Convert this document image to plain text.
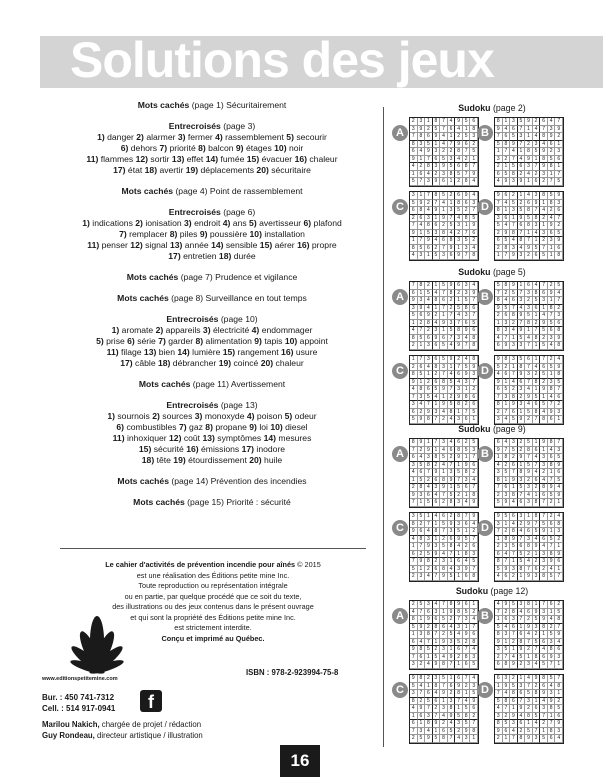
Solutions des jeux
Mots cachés (page 1) Sécuritairement
Entrecroisés (page 3)
1) danger 2) alarmer 3) fermer 4) rassemblement 5) secourir
6) dehors 7) priorité 8) balcon 9) étages 10) noir
11) flammes 12) sortir 13) effet 14) fumée 15) évacuer 16) chaleur
17) état 18) avertir 19) déplacements 20) sécuritaire
Mots cachés (page 4) Point de rassemblement
Entrecroisés (page 6)
1) indications 2) ionisation 3) endroit 4) ans 5) avertisseur 6) plafond
7) remplacer 8) piles 9) poussière 10) installation
11) penser 12) signal 13) année 14) sensible 15) aérer 16) propre
17) entretien 18) durée
Mots cachés (page 7) Prudence et vigilance
Mots cachés (page 8) Surveillance en tout temps
Entrecroisés (page 10)
1) aromate 2) appareils 3) électricité 4) endommager
5) prise 6) série 7) garder 8) alimentation 9) tapis 10) appoint
11) filage 13) bien 14) lumière 15) rangement 16) usure
17) câble 18) débrancher 19) coincé 20) chaleur
Mots cachés (page 11) Avertissement
Entrecroisés (page 13)
1) sournois 2) sources 3) monoxyde 4) poison 5) odeur
6) combustibles 7) gaz 8) propane 9) loi 10) diesel
11) inhoxiquer 12) coût 13) symptômes 14) mesures
15) sécurité 16) émissions 17) inodore
18) tête 19) étourdissement 20) huile
Mots cachés (page 14) Prévention des incendies
Mots cachés (page 15) Priorité : sécurité
Le cahier d'activités de prévention incendie pour aînés © 2015
est une réalisation des Éditions petite mine Inc.
Toute reproduction ou représentation intégrale
ou en partie, par quelque procédé que ce soit du texte,
des illustrations ou des jeux contenus dans le présent ouvrage
et qui sont la propriété des Éditions petite mine Inc.
est strictement interdite.
Conçu et imprimé au Québec.
ISBN : 978-2-923994-75-8
www.editionspetitemine.com
Bur. : 450 741-7312
Cell. : 514 917-0941	f
Marilou Nakich, chargée de projet / rédaction
Guy Rondeau, directeur artistique / illustration
16
Sudoku (page 2)
A
2 3 1 8 7 4 9 5 6
3 9 2 5 7 6 4 1 8
7 8 6 9 4 1 2 5 3
8 3 5 1 4 7 9 6 2
6 4 9 3 2 2 8 7 5
9 1 7 6 5 3 4 2 1
4 2 8 3 9 5 6 8 7
1 6 4 2 3 8 5 7 9
5 7 3 9 6 1 2 8 4
B
8 1 3 5 9 2 6 4 7
9 4 6 7 1 4 7 3 9
7 6 5 3 1 4 8 9 2
5 8 9 7 2 3 4 6 1
1 7 4 1 8 5 9 2 3
3 2 7 4 9 1 8 5 6
2 1 5 6 3 7 9 8 1
6 5 8 2 4 2 3 1 7
4 9 3 9 1 6 2 7 5
C
3 1 7 8 5 2 6 9 4
5 9 2 7 4 1 8 6 3
6 8 4 9 1 3 5 2 7
2 6 3 1 9 7 4 8 5
7 4 8 6 2 5 3 1 9
9 1 5 3 8 4 2 7 6
1 7 9 4 6 8 3 5 2
8 5 6 2 7 9 1 3 4
4 3 1 5 3 6 9 7 8
D
9 6 2 1 4 3 8 5 9
7 4 5 2 6 9 1 8 3
8 1 3 5 8 7 4 2 6
3 6 1 9 5 8 2 4 7
5 4 7 6 8 3 1 9 2
2 9 8 7 1 4 3 6 5
6 5 4 8 7 1 2 3 9
2 8 3 4 9 5 7 1 6
1 7 9 3 2 6 5 1 8
Sudoku (page 5)
A
7 8 2 1 5 9 6 3 4
6 1 5 4 7 8 2 3 9
9 3 4 8 6 2 1 5 7
3 9 4 1 7 2 5 8 6
5 6 9 2 1 7 4 3 7
1 2 8 4 9 3 7 6 5
4 7 2 3 1 5 8 9 6
8 5 6 9 6 7 3 4 8
2 1 3 6 5 4 9 7 8
B
5 8 9 1 6 4 7 2 5
7 2 5 7 3 8 6 9 4
8 4 6 3 2 5 3 1 7
9 5 7 4 3 6 1 8 2
2 6 8 9 5 1 4 7 3
1 3 2 7 8 2 9 5 6
8 3 4 9 1 7 5 6 8
4 7 1 5 4 8 2 3 9
6 9 3 3 7 1 5 4 8
C
1 7 3 6 5 9 2 4 8
2 6 4 8 3 1 7 5 9
8 5 1 2 7 4 6 9 3
9 1 2 6 8 5 4 3 7
4 8 6 5 9 7 3 1 2
7 3 5 4 1 2 9 8 6
3 4 7 1 9 5 8 2 6
6 2 9 3 4 8 1 7 5
5 9 8 7 2 4 3 6 1
D
9 8 3 5 6 1 7 2 4
5 2 1 8 7 4 6 5 9
4 6 7 9 3 2 5 1 8
9 1 4 6 7 8 2 3 5
6 5 2 3 4 1 9 8 7
7 3 8 2 9 5 1 4 6
8 1 9 3 4 6 5 7 2
2 7 6 1 5 8 4 9 3
3 4 5 9 2 7 8 6 1
Sudoku (page 9)
A
8 9 1 7 3 4 6 2 5
7 2 9 1 4 6 8 5 3
6 4 3 8 5 2 9 1 7
3 5 8 2 4 7 1 9 6
4 6 7 9 1 3 5 8 2
1 5 2 6 8 9 7 3 4
2 8 4 3 9 1 5 6 7
9 3 6 4 7 5 2 1 8
7 1 5 6 2 8 3 4 9
B
6 4 3 2 5 1 9 8 7
9 7 5 2 8 6 1 4 3
1 8 2 9 7 4 3 6 5
4 2 6 1 5 7 3 8 9
3 5 7 8 9 4 2 1 6
8 1 9 3 2 6 4 7 5
7 6 1 5 3 2 8 9 4
2 3 8 7 4 1 6 5 9
5 9 4 6 3 8 7 2 1
C
3 5 1 4 6 2 8 7 9
8 2 7 1 5 9 3 6 4
9 6 4 8 7 3 5 1 2
4 8 3 1 2 6 9 5 7
1 7 9 3 5 8 4 2 6
6 2 5 9 4 7 1 8 3
7 9 8 2 3 1 6 4 5
5 1 2 6 8 4 3 9 7
2 3 4 7 9 5 1 6 8
D
9 5 6 3 1 8 7 2 4
3 1 4 2 9 7 5 6 8
7 2 8 4 6 5 9 1 3
1 8 9 7 3 4 6 5 2
2 3 5 6 8 9 4 7 1
6 4 7 5 2 1 3 8 9
8 7 1 5 4 2 3 9 6
5 9 3 8 7 6 2 4 1
4 6 2 1 9 3 8 5 7
Sudoku (page 12)
A
2 5 3 4 7 8 9 6 1
4 7 6 3 1 9 8 5 2
8 1 9 6 5 2 7 3 4
5 9 2 8 6 4 3 1 7
1 3 8 7 2 5 4 9 6
6 4 7 1 9 3 5 2 8
9 8 5 2 3 1 6 7 4
7 6 1 5 4 9 2 8 3
3 2 4 9 8 7 1 6 5
B
4 9 5 3 8 1 7 6 2
7 2 8 4 6 9 3 1 5
1 6 3 7 2 5 9 4 8
5 4 6 1 9 3 8 2 7
8 3 7 6 4 2 1 5 9
9 1 2 8 7 5 6 3 4
3 5 1 9 2 7 4 8 6
2 7 4 5 1 8 6 9 3
6 8 9 2 3 4 5 7 1
C
9 8 2 3 5 1 6 7 4
5 4 1 8 7 6 9 2 3
3 7 6 4 9 2 8 1 5
8 2 5 6 1 3 7 4 9
4 9 7 2 3 8 1 5 6
1 6 3 7 4 9 5 8 2
6 1 8 9 2 4 3 5 7
7 3 4 1 6 5 2 9 8
2 5 9 5 8 7 4 3 1
D
6 3 2 1 4 9 8 5 7
1 9 5 3 7 2 6 4 8
7 4 8 6 5 8 9 3 1
5 8 6 7 3 1 4 9 2
4 7 1 9 2 6 3 8 5
3 2 9 4 8 5 7 1 6
8 5 3 6 1 4 2 7 9
9 6 4 2 5 7 1 8 3
2 1 7 8 9 3 5 6 4
